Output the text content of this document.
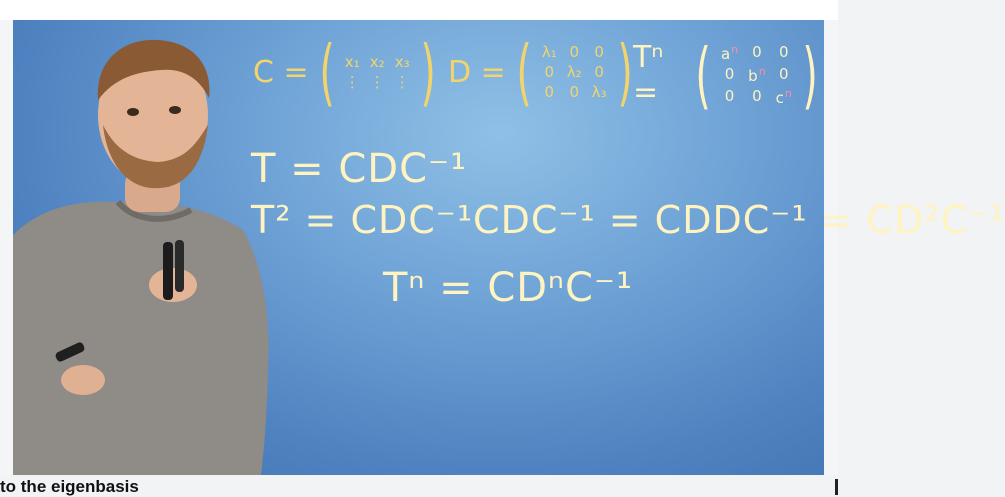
C = ( x₁ x₂ x₃
⋮ ⋮ ⋮ ) D = ( λ₁ 0 0
0 λ₂ 0
0 0 λ₃ ) Tⁿ = ( $a^n$ 0 0
0 $b^n$ 0
0 0 $c^n$ )
T = CDC⁻¹
T² = CDC⁻¹CDC⁻¹ = CDDC⁻¹ = CD²C⁻¹
Tⁿ = CDⁿC⁻¹
to the eigenbasis
